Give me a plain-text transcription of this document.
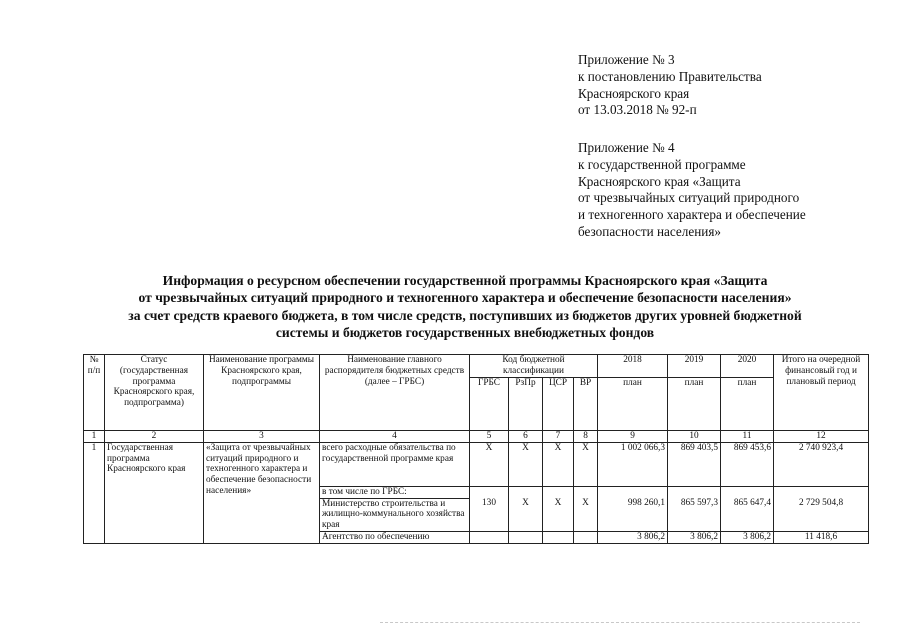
Приложение № 3
к постановлению Правительства
Красноярского края
от 13.03.2018 № 92-п
Приложение № 4
к государственной программе
Красноярского края «Защита
от чрезвычайных ситуаций природного
и техногенного характера и обеспечение
безопасности населения»
Информация о ресурсном обеспечении государственной программы Красноярского края «Защита
от чрезвычайных ситуаций природного и техногенного характера и обеспечение безопасности населения»
за счет средств краевого бюджета, в том числе средств, поступивших из бюджетов других уровней бюджетной
системы и бюджетов государственных внебюджетных фондов
№ п/п	Статус (государственная программа Красноярского края, подпрограмма)	Наименование программы Красноярского края, подпрограммы	Наименование главного распорядителя бюджетных средств (далее – ГРБС)	Код бюджетной классификации				2018	2019	2020	Итого на очередной финансовый год и плановый период
				ГРБС	РзПр	ЦСР	ВР	план	план	план	
1	2	3	4	5	6	7	8	9	10	11	12
1	Государственная программа Красноярского края	«Защита от чрезвычайных ситуаций природного и техногенного характера и обеспечение безопасности населения»	всего расходные обязательства по государственной программе края	X	X	X	X	1 002 066,3	869 403,5	869 453,6	2 740 923,4
			в том числе по ГРБС:								
			Министерство строительства и жилищно-коммунального хозяйства края	130	X	X	X	998 260,1	865 597,3	865 647,4	2 729 504,8
			Агентство по обеспечению					3 806,2	3 806,2	3 806,2	11 418,6
